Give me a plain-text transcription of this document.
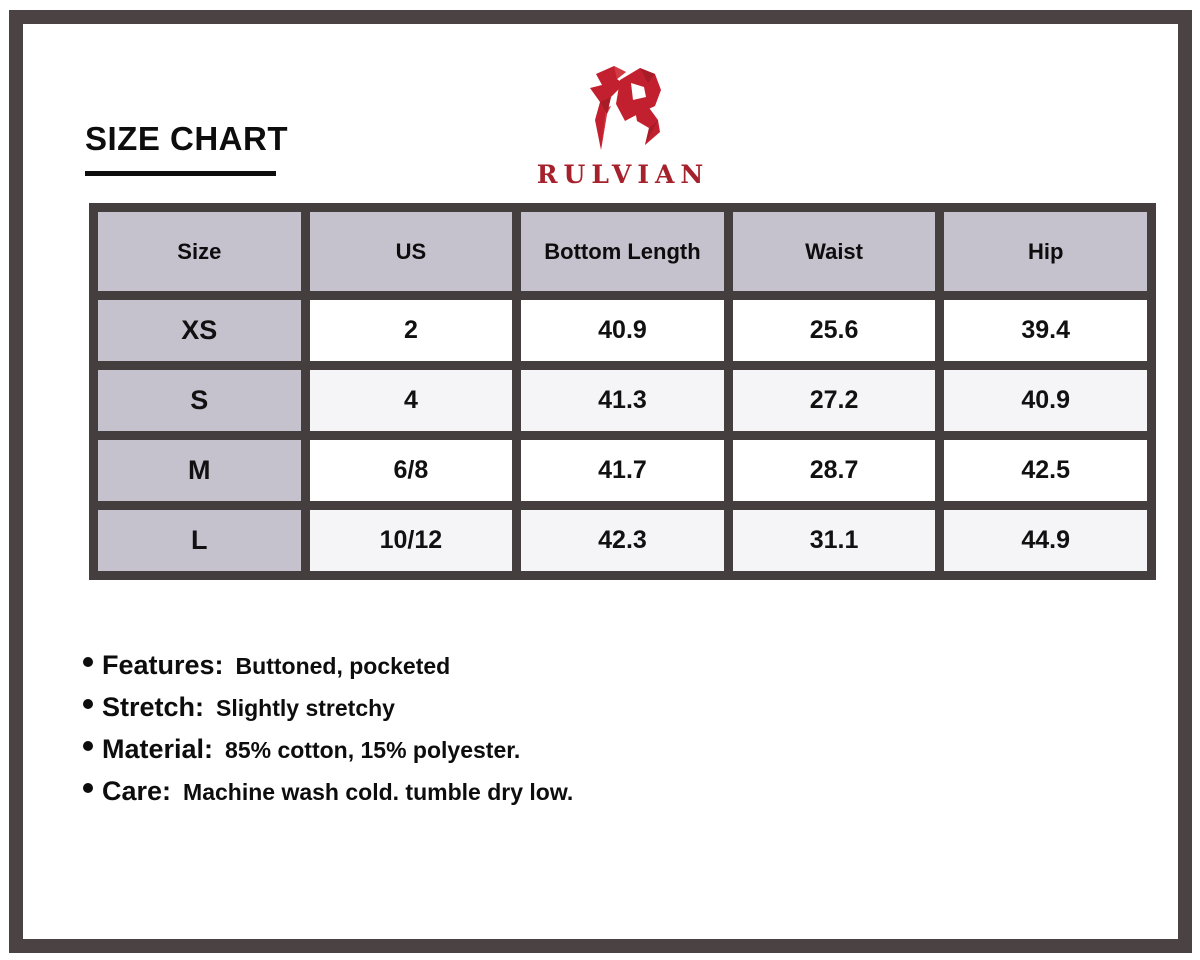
RULVIAN
SIZE CHART
Size	US	Bottom Length	Waist	Hip
XS	2	40.9	25.6	39.4
S	4	41.3	27.2	40.9
M	6/8	41.7	28.7	42.5
L	10/12	42.3	31.1	44.9
Features: Buttoned, pocketed
Stretch: Slightly stretchy
Material: 85% cotton, 15% polyester.
Care: Machine wash cold. tumble dry low.
